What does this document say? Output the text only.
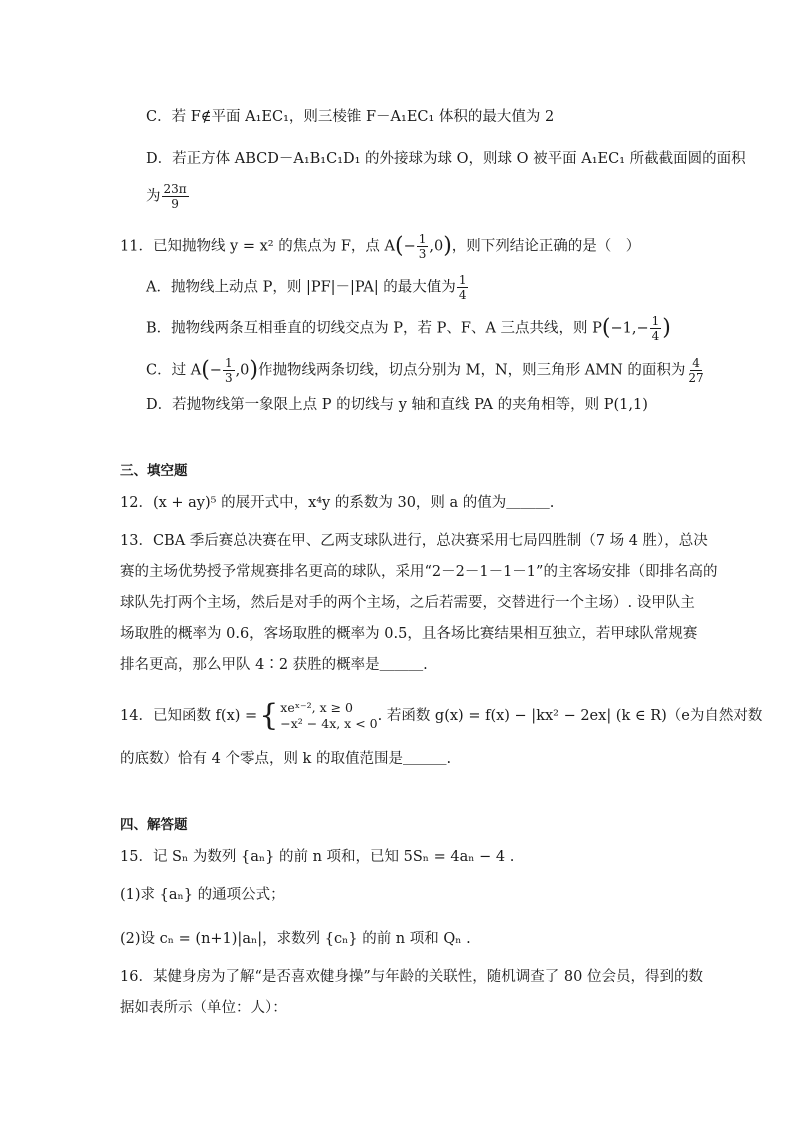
C．若 F∉平面 A₁EC₁，则三棱锥 F－A₁EC₁ 体积的最大值为 2
D．若正方体 ABCD－A₁B₁C₁D₁ 的外接球为球 O，则球 O 被平面 A₁EC₁ 所截截面圆的面积
为 $\frac{23\pi}{9}$
11．已知抛物线 y = x² 的焦点为 F，点 $A(- \frac{1}{3} ,0)$，则下列结论正确的是（　）
A．抛物线上动点 P，则 |PF|－|PA| 的最大值为 $\frac{1}{4}$
B．抛物线两条互相垂直的切线交点为 P，若 P、F、A 三点共线，则 $P(-1,- \frac{1}{4}$ )
C．过 $A(- \frac{1}{3} ,0)$作抛物线两条切线，切点分别为 M，N，则三角形 AMN 的面积为 $\frac{4}{27}$
D．若抛物线第一象限上点 P 的切线与 y 轴和直线 PA 的夹角相等，则 P(1,1)
三、填空题
12．(x + ay)⁵ 的展开式中，x⁴y 的系数为 30，则 a 的值为＿＿＿.
13．CBA 季后赛总决赛在甲、乙两支球队进行，总决赛采用七局四胜制（7 场 4 胜），总决
赛的主场优势授予常规赛排名更高的球队，采用“2－2－1－1－1”的主客场安排（即排名高的
球队先打两个主场，然后是对手的两个主场，之后若需要，交替进行一个主场）. 设甲队主
场取胜的概率为 0.6，客场取胜的概率为 0.5，且各场比赛结果相互独立，若甲球队常规赛
排名更高，那么甲队 4∶2 获胜的概率是＿＿＿.
14．已知函数 f(x) = { xeˣ⁻², x ≥ 0
−x² − 4x, x < 0 . 若函数 g(x) = f(x) − |kx² − 2ex| (k ∈ R)（e为自然对数
的底数）恰有 4 个零点，则 k 的取值范围是＿＿＿.
四、解答题
15．记 Sₙ 为数列 {aₙ} 的前 n 项和，已知 5Sₙ = 4aₙ − 4 .
(1)求 {aₙ} 的通项公式；
(2)设 cₙ = (n+1)|aₙ|，求数列 {cₙ} 的前 n 项和 Qₙ .
16．某健身房为了解“是否喜欢健身操”与年龄的关联性，随机调查了 80 位会员，得到的数
据如表所示（单位：人）：
